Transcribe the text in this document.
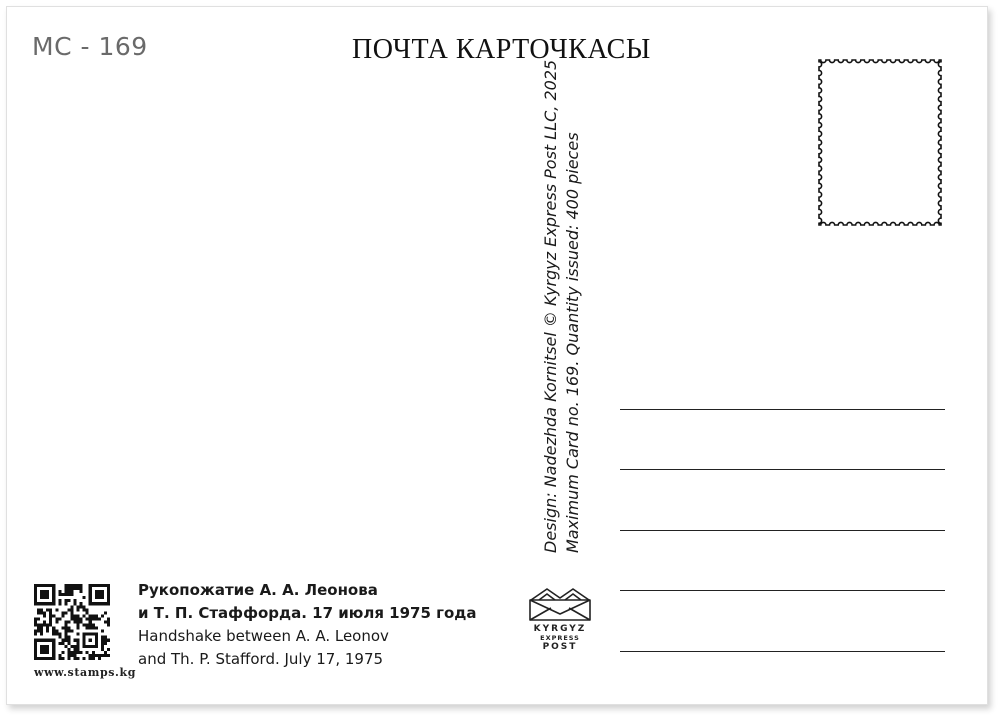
MC - 169	ПОЧТА КАРТОЧКАСЫ
Design: Nadezhda Kornitsel © Kyrgyz Express Post LLC, 2025 Maximum Card no. 169. Quantity issued: 400 pieces
www.stamps.kg
Рукопожатие А. А. Леонова
и Т. П. Стаффорда. 17 июля 1975 года
Handshake between A. A. Leonov
and Th. P. Stafford. July 17, 1975
KYRGYZ
EXPRESS
POST
